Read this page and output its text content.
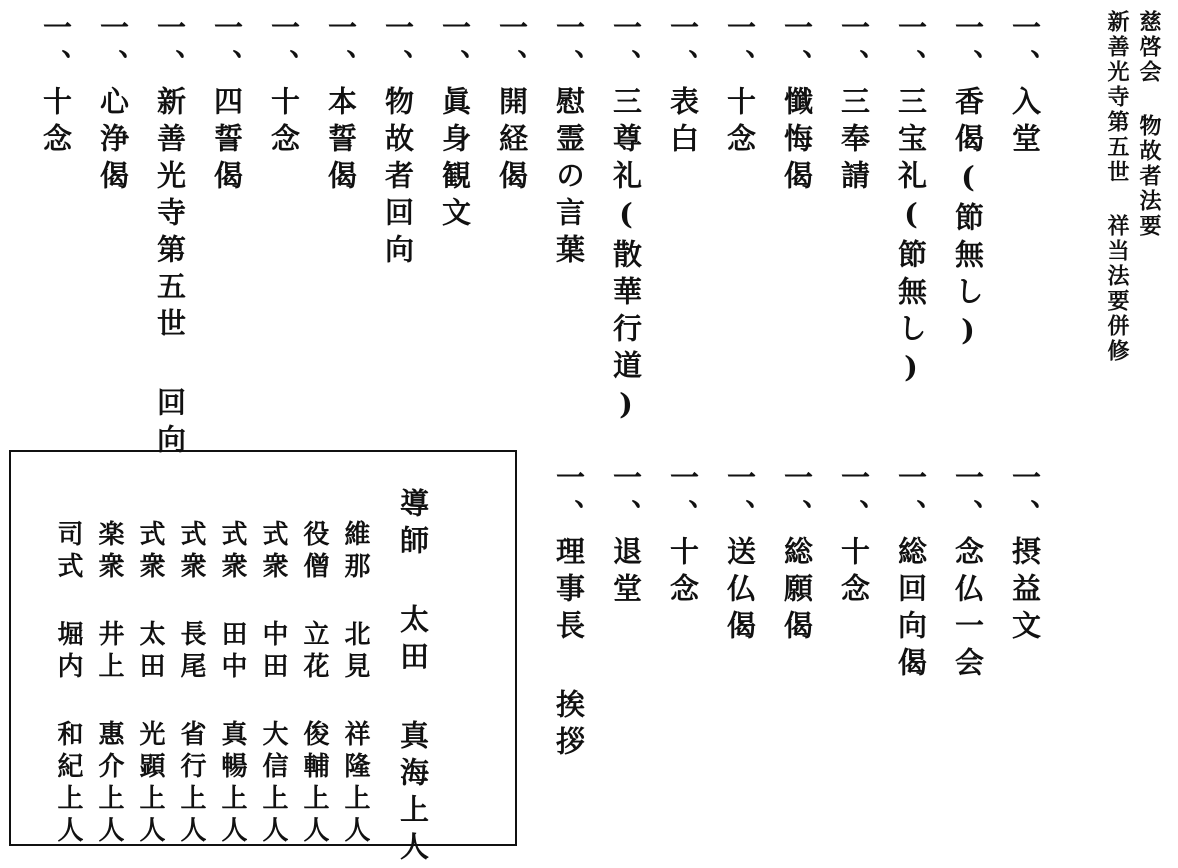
慈啓会 物故者法要
新善光寺第五世 祥当法要併修
一、入堂
一、香偈(節無し)
一、三宝礼(節無し)
一、三奉請
一、懺悔偈
一、十念
一、表白
一、三尊礼(散華行道)
一、慰霊の言葉
一、開経偈
一、眞身観文
一、物故者回向
一、本誓偈
一、十念
一、四誓偈
一、新善光寺第五世 回向
一、心浄偈
一、十念
一、摂益文
一、念仏一会
一、総回向偈
一、十念
一、総願偈
一、送仏偈
一、十念
一、退堂
一、理事長 挨拶
導師 太田 真海上人
維那 北見 祥隆上人
役僧 立花 俊輔上人
式衆 中田 大信上人
式衆 田中 真暢上人
式衆 長尾 省行上人
式衆 太田 光顕上人
楽衆 井上 惠介上人
司式 堀内 和紀上人
